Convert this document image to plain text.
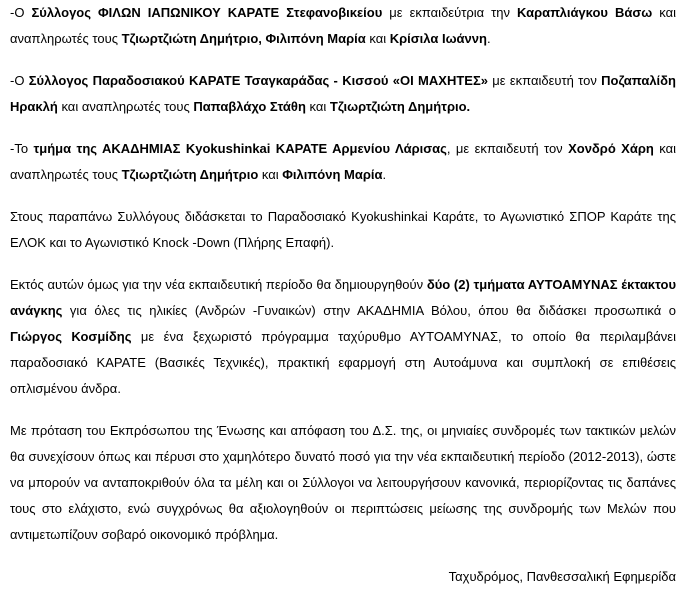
-Ο Σύλλογος ΦΙΛΩΝ ΙΑΠΩΝΙΚΟΥ ΚΑΡΑΤΕ Στεφανοβικείου με εκπαιδεύτρια την Καραπλιάγκου Βάσω και αναπληρωτές τους Τζιωρτζιώτη Δημήτριο, Φιλιπόνη Μαρία και Κρίσιλα Ιωάννη.

-Ο Σύλλογος Παραδοσιακού ΚΑΡΑΤΕ Τσαγκαράδας - Κισσού «ΟΙ ΜΑΧΗΤΕΣ» με εκπαιδευτή τον Ποζαπαλίδη Ηρακλή και αναπληρωτές τους Παπαβλάχο Στάθη και Τζιωρτζιώτη Δημήτριο.

-Το τμήμα της ΑΚΑΔΗΜΙΑΣ Kyokushinkai ΚΑΡΑΤΕ Αρμενίου Λάρισας, με εκπαιδευτή τον Χονδρό Χάρη και αναπληρωτές τους Τζιωρτζιώτη Δημήτριο και Φιλιπόνη Μαρία.

Στους παραπάνω Συλλόγους διδάσκεται το Παραδοσιακό Kyokushinkai Καράτε, το Αγωνιστικό ΣΠΟΡ Καράτε της ΕΛΟΚ και το Αγωνιστικό Knock -Down (Πλήρης Επαφή).

Εκτός αυτών όμως για την νέα εκπαιδευτική περίοδο θα δημιουργηθούν δύο (2) τμήματα ΑΥΤΟΑΜΥΝΑΣ έκτακτου ανάγκης για όλες τις ηλικίες (Ανδρών -Γυναικών) στην ΑΚΑΔΗΜΙΑ Βόλου, όπου θα διδάσκει προσωπικά ο Γιώργος Κοσμίδης με ένα ξεχωριστό πρόγραμμα ταχύρυθμο ΑΥΤΟΑΜΥΝΑΣ, το οποίο θα περιλαμβάνει παραδοσιακό ΚΑΡΑΤΕ (Βασικές Τεχνικές), πρακτική εφαρμογή στη Αυτοάμυνα και συμπλοκή σε επιθέσεις οπλισμένου άνδρα.

Με πρόταση του Εκπρόσωπου της Ένωσης και απόφαση του Δ.Σ. της, οι μηνιαίες συνδρομές των τακτικών μελών θα συνεχίσουν όπως και πέρυσι στο χαμηλότερο δυνατό ποσό για την νέα εκπαιδευτική περίοδο (2012-2013), ώστε να μπορούν να ανταποκριθούν όλα τα μέλη και οι Σύλλογοι να λειτουργήσουν κανονικά, περιορίζοντας τις δαπάνες τους στο ελάχιστο, ενώ συγχρόνως θα αξιολογηθούν οι περιπτώσεις μείωσης της συνδρομής των Μελών που αντιμετωπίζουν σοβαρό οικονομικό πρόβλημα.

Ταχυδρόμος, Πανθεσσαλική Εφημερίδα
